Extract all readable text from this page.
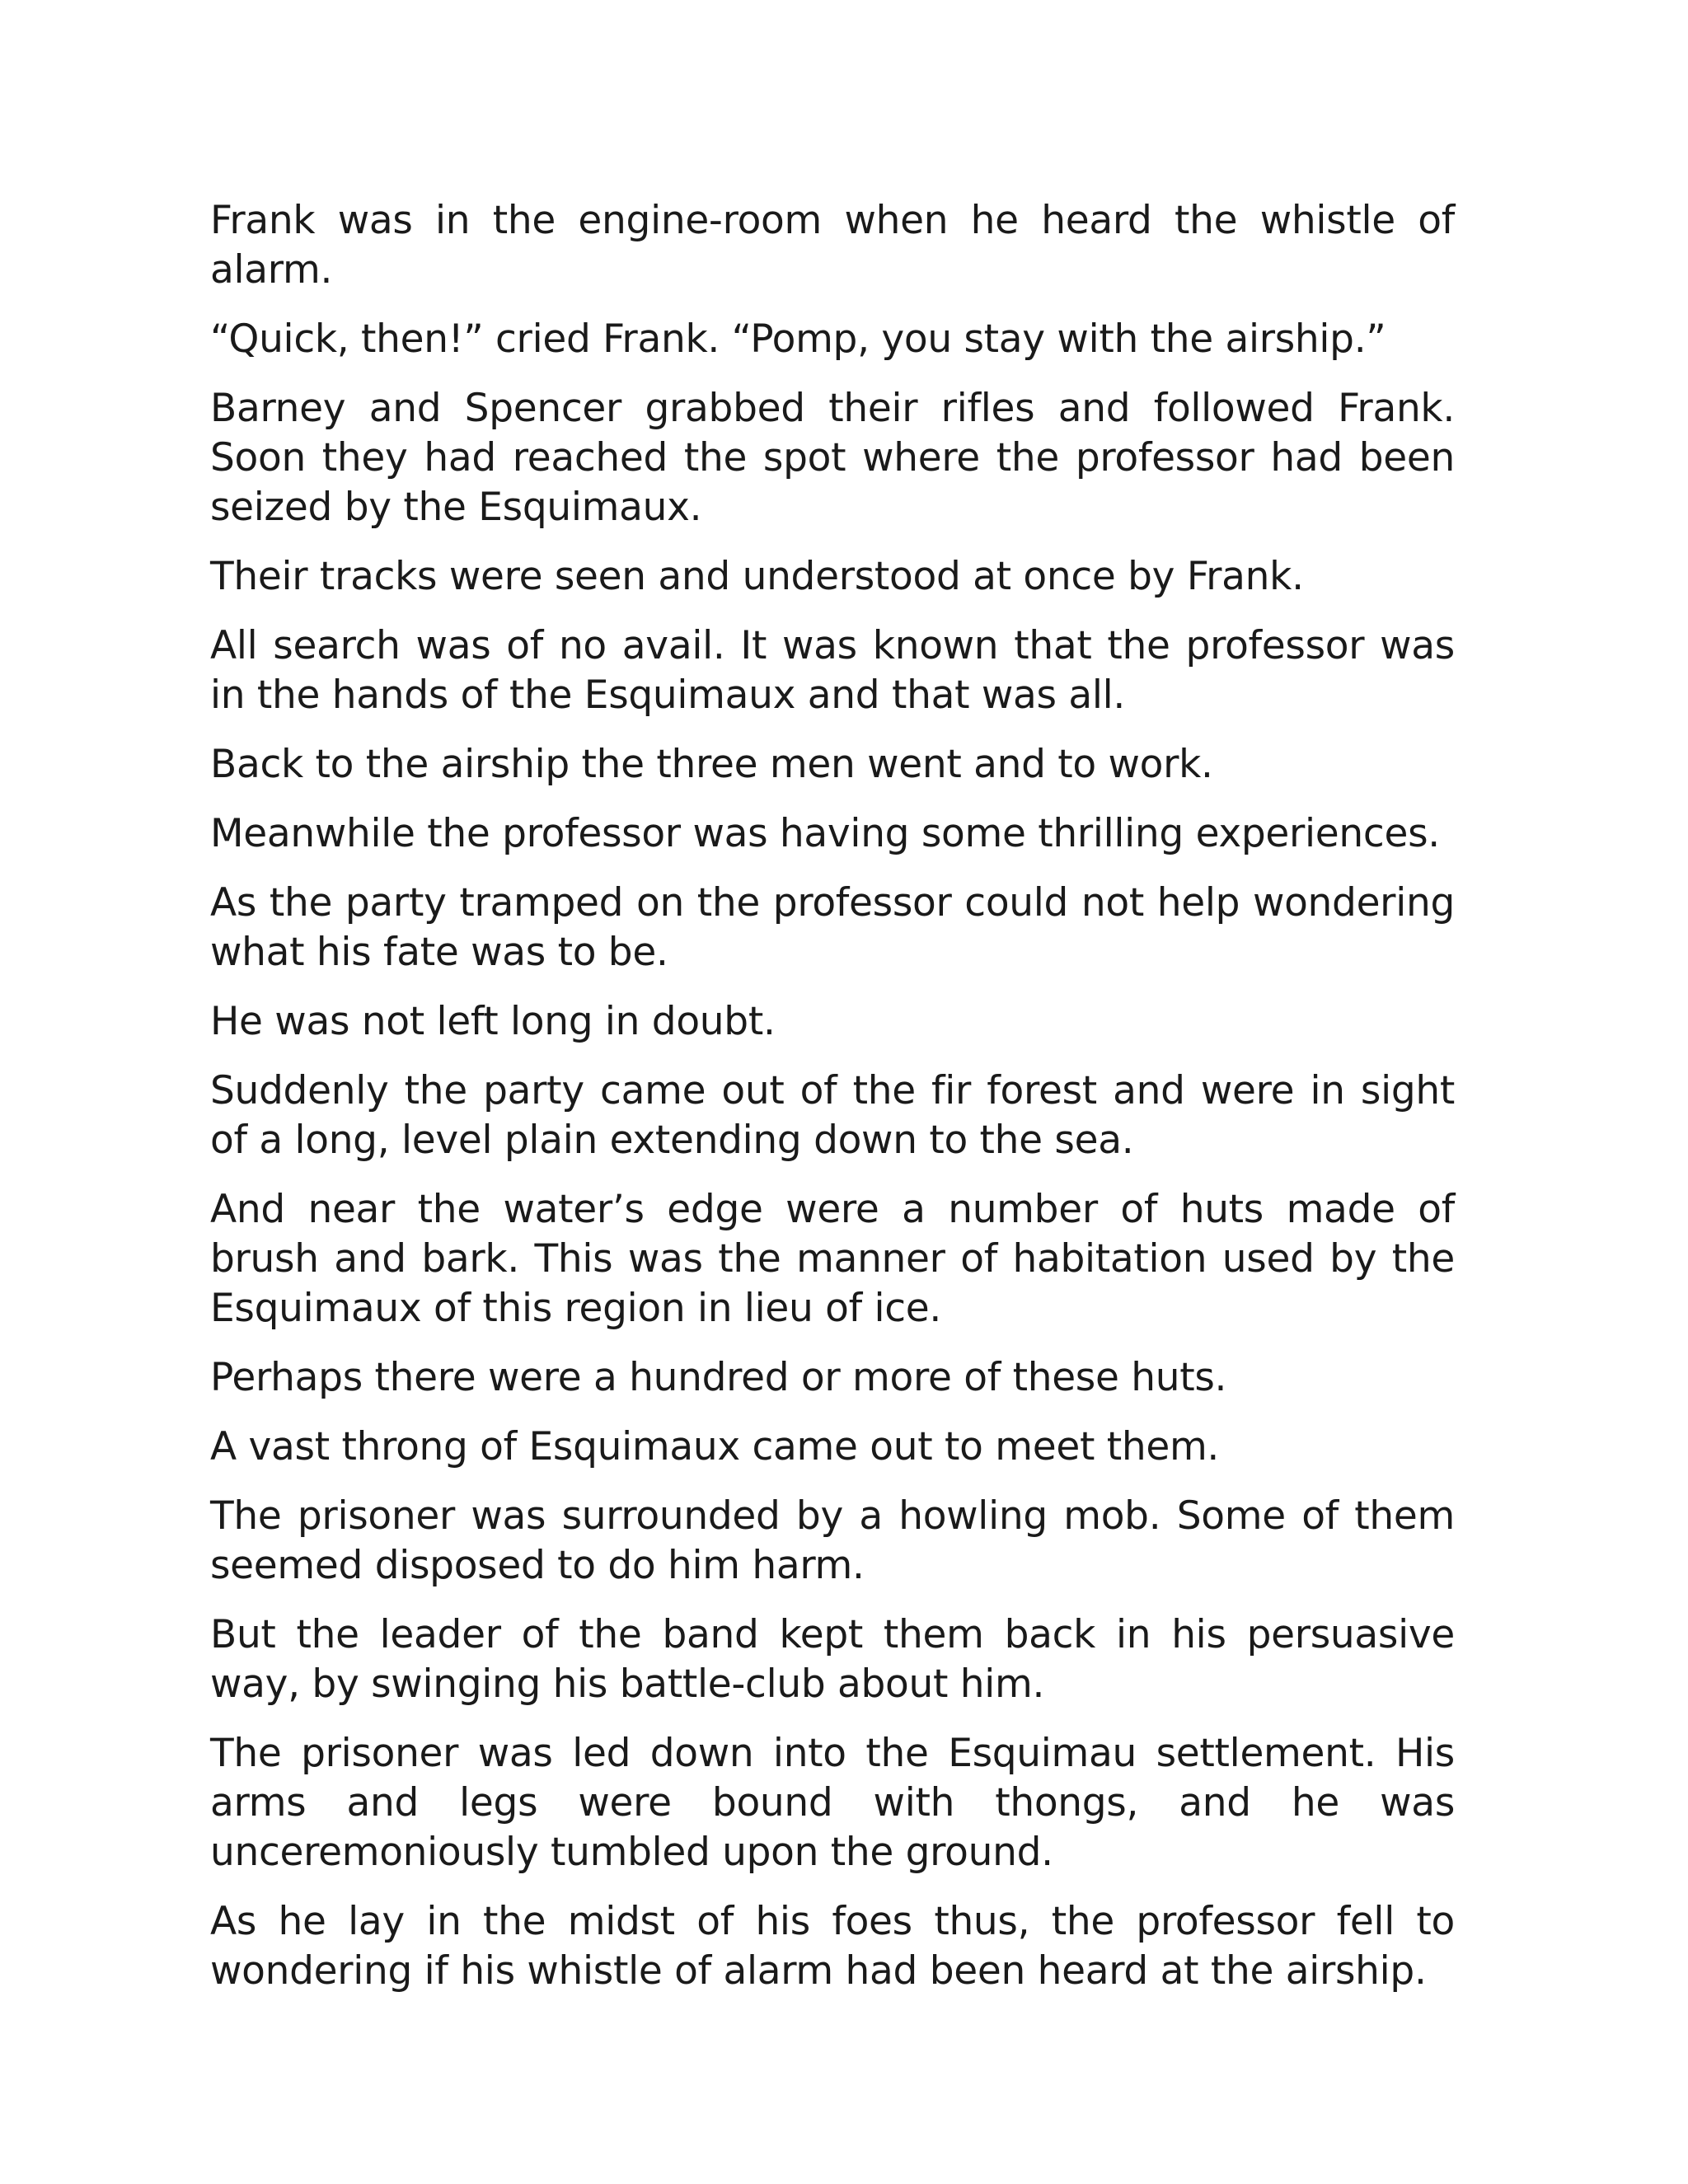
Frank was in the engine-room when he heard the whistle of alarm.

“Quick, then!” cried Frank. “Pomp, you stay with the airship.”

Barney and Spencer grabbed their rifles and followed Frank. Soon they had reached the spot where the professor had been seized by the Esquimaux.

Their tracks were seen and understood at once by Frank.

All search was of no avail. It was known that the professor was in the hands of the Esquimaux and that was all.

Back to the airship the three men went and to work.

Meanwhile the professor was having some thrilling experiences.

As the party tramped on the professor could not help wondering what his fate was to be.

He was not left long in doubt.

Suddenly the party came out of the fir forest and were in sight of a long, level plain extending down to the sea.

And near the water’s edge were a number of huts made of brush and bark. This was the manner of habitation used by the Esquimaux of this region in lieu of ice.

Perhaps there were a hundred or more of these huts.

A vast throng of Esquimaux came out to meet them.

The prisoner was surrounded by a howling mob. Some of them seemed disposed to do him harm.

But the leader of the band kept them back in his persuasive way, by swinging his battle-club about him.

The prisoner was led down into the Esquimau settlement. His arms and legs were bound with thongs, and he was unceremoniously tumbled upon the ground.

As he lay in the midst of his foes thus, the professor fell to wondering if his whistle of alarm had been heard at the airship.
